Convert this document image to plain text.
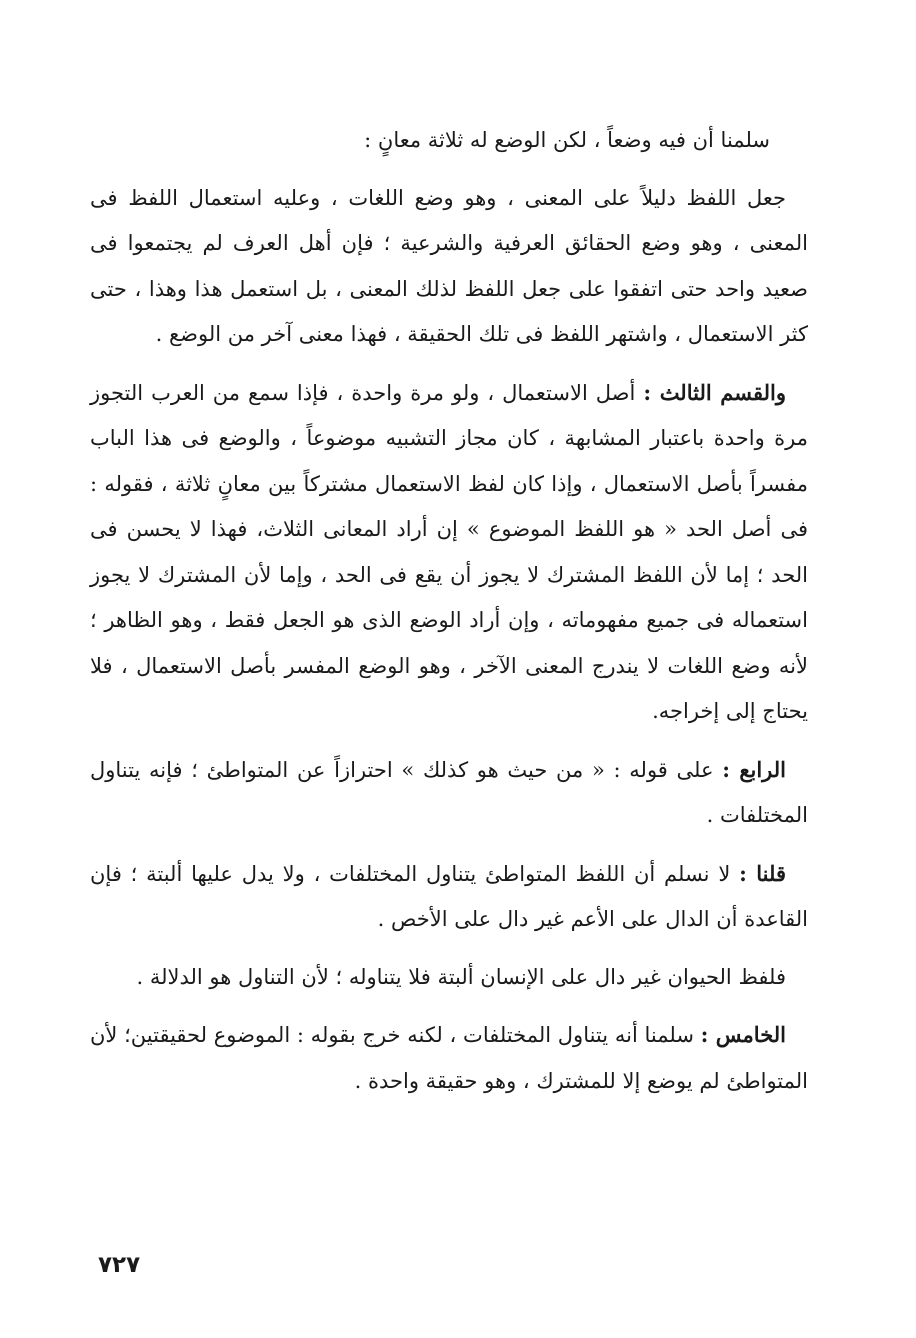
سلمنا أن فيه وضعاً ، لكن الوضع له ثلاثة معانٍ :

جعل اللفظ دليلاً على المعنى ، وهو وضع اللغات ، وعليه استعمال اللفظ فى المعنى ، وهو وضع الحقائق العرفية والشرعية ؛ فإن أهل العرف لم يجتمعوا فى صعيد واحد حتى اتفقوا على جعل اللفظ لذلك المعنى ، بل استعمل هذا وهذا ، حتى كثر الاستعمال ، واشتهر اللفظ فى تلك الحقيقة ، فهذا معنى آخر من الوضع .

والقسم الثالث : أصل الاستعمال ، ولو مرة واحدة ، فإذا سمع من العرب التجوز مرة واحدة باعتبار المشابهة ، كان مجاز التشبيه موضوعاً ، والوضع فى هذا الباب مفسراً بأصل الاستعمال ، وإذا كان لفظ الاستعمال مشتركاً بين معانٍ ثلاثة ، فقوله : فى أصل الحد « هو اللفظ الموضوع » إن أراد المعانى الثلاث، فهذا لا يحسن فى الحد ؛ إما لأن اللفظ المشترك لا يجوز أن يقع فى الحد ، وإما لأن المشترك لا يجوز استعماله فى جميع مفهوماته ، وإن أراد الوضع الذى هو الجعل فقط ، وهو الظاهر ؛ لأنه وضع اللغات لا يندرج المعنى الآخر ، وهو الوضع المفسر بأصل الاستعمال ، فلا يحتاج إلى إخراجه.

الرابع : على قوله : « من حيث هو كذلك » احترازاً عن المتواطئ ؛ فإنه يتناول المختلفات .

قلنا : لا نسلم أن اللفظ المتواطئ يتناول المختلفات ، ولا يدل عليها ألبتة ؛ فإن القاعدة أن الدال على الأعم غير دال على الأخص .

فلفظ الحيوان غير دال على الإنسان ألبتة فلا يتناوله ؛ لأن التناول هو الدلالة .

الخامس : سلمنا أنه يتناول المختلفات ، لكنه خرج بقوله : الموضوع لحقيقتين؛ لأن المتواطئ لم يوضع إلا للمشترك ، وهو حقيقة واحدة .

٧٢٧
